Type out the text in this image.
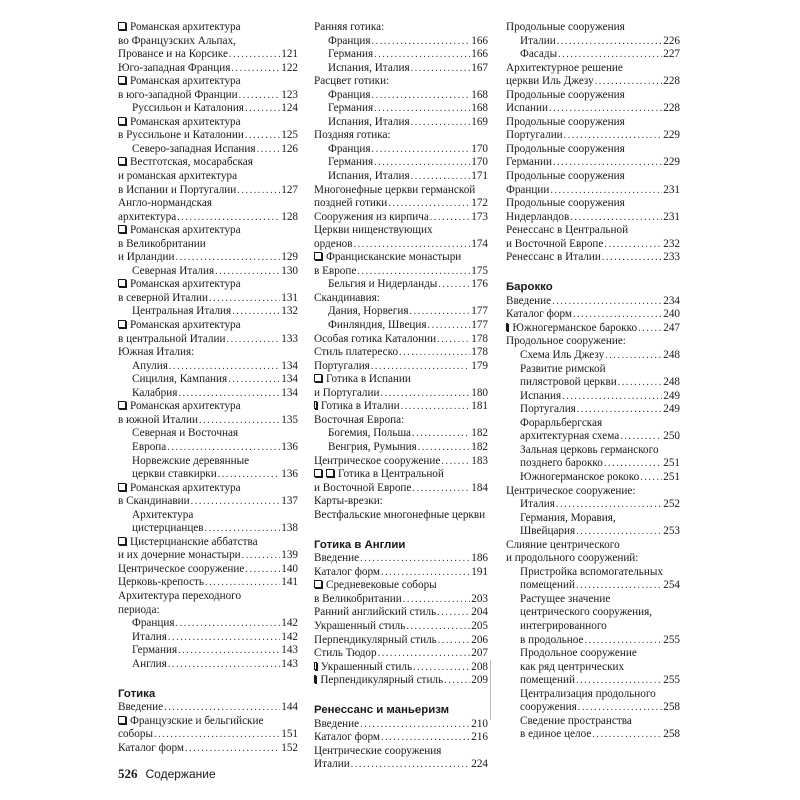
Романская архитектура
во Французских Альпах,
Провансе и на Корсике .....	121
Юго-западная Франция .....	122
Романская архитектура
в юго-западной Франции .....	123
Руссильон и Каталония .....	124
Романская архитектура
в Руссильоне и Каталонии .....	125
Северо-западная Испания ..... 126
Вестготская, мосарабская
и романская архитектура
в Испании и Португалии .....	127
Англо-нормандская
архитектура .....	128
Романская архитектура
в Великобритании
и Ирландии .....	129
Северная Италия .....	130
Романская архитектура
в северной Италии .....	131
Центральная Италия .....	132
Романская архитектура
в центральной Италии .....	133
Южная Италия:
Апулия .....	134
Сицилия, Кампания .....	134
Калабрия .....	134
Романская архитектура
в южной Италии .....	135
Северная и Восточная
Европа .....	136
Норвежские деревянные
церкви ставкирки .....	136
Романская архитектура
в Скандинавии .....	137
Архитектура
цистерцианцев .....	138
Цистерцианские аббатства
и их дочерние монастыри .....	139
Центрическое сооружение .....	140
Церковь-крепость .....	141
Архитектура переходного
периода:
Франция .....	142
Италия .....	142
Германия .....	143
Англия .....	143
Готика
Введение .....	144
Французские и бельгийские
соборы .....	151
Каталог форм .....	152
Ранняя готика:
Франция .....	166
Германия .....	166
Испания, Италия .....	167
Расцвет готики:
Франция .....	168
Германия .....	168
Испания, Италия .....	169
Поздняя готика:
Франция .....	170
Германия .....	170
Испания, Италия .....	171
Многонефные церкви германской
поздней готики .....	172
Сооружения из кирпича .....	173
Церкви нищенствующих
орденов .....	174
Францисканские монастыри
в Европе .....	175
Бельгия и Нидерланды .....	176
Скандинавия:
Дания, Норвегия .....	177
Финляндия, Швеция .....	177
Особая готика Каталонии .....	178
Стиль платереско .....	178
Португалия .....	179
Готика в Испании
и Португалии .....	180
Готика в Италии .....	181
Восточная Европа:
Богемия, Польша .....	182
Венгрия, Румыния .....	182
Центрическое сооружение .....	183
Готика в Центральной
и Восточной Европе .....	184
Карты-врезки:
Вестфальские многонефные церкви
Готика в Англии
Введение .....	186
Каталог форм .....	191
Средневековые соборы
в Великобритании .....	203
Ранний английский стиль .....	204
Украшенный стиль .....	205
Перпендикулярный стиль .....	206
Стиль Тюдор .....	207
Украшенный стиль .....	208
Перпендикулярный стиль .....	209
Ренессанс и маньеризм
Введение .....	210
Каталог форм .....	216
Центрические сооружения
Италии .....	224
Продольные сооружения
Италии .....	226
Фасады .....	227
Архитектурное решение
церкви Иль Джезу .....	228
Продольные сооружения
Испании .....	228
Продольные сооружения
Португалии .....	229
Продольные сооружения
Германии .....	229
Продольные сооружения
Франции .....	231
Продольные сооружения
Нидерландов .....	231
Ренессанс в Центральной
и Восточной Европе .....	232
Ренессанс в Италии .....	233
Барокко
Введение .....	234
Каталог форм .....	240
Южногерманское барокко ..... 247
Продольное сооружение:
Схема Иль Джезу .....	248
Развитие римской
пилястровой церкви .....	248
Испания .....	249
Португалия .....	249
Форарльбергская
архитектурная схема .....	250
Зальная церковь германского
позднего барокко .....	251
Южногерманское рококо ..... 251
Центрическое сооружение:
Италия .....	252
Германия, Моравия,
Швейцария .....	253
Слияние центрического
и продольного сооружений:
Пристройка вспомогательных
помещений .....	254
Растущее значение
центрического сооружения,
интегрированного
в продольное .....	255
Продольное сооружение
как ряд центрических
помещений .....	255
Централизация продольного
сооружения .....	258
Сведение пространства
в единое целое .....	258
526 Содержание
